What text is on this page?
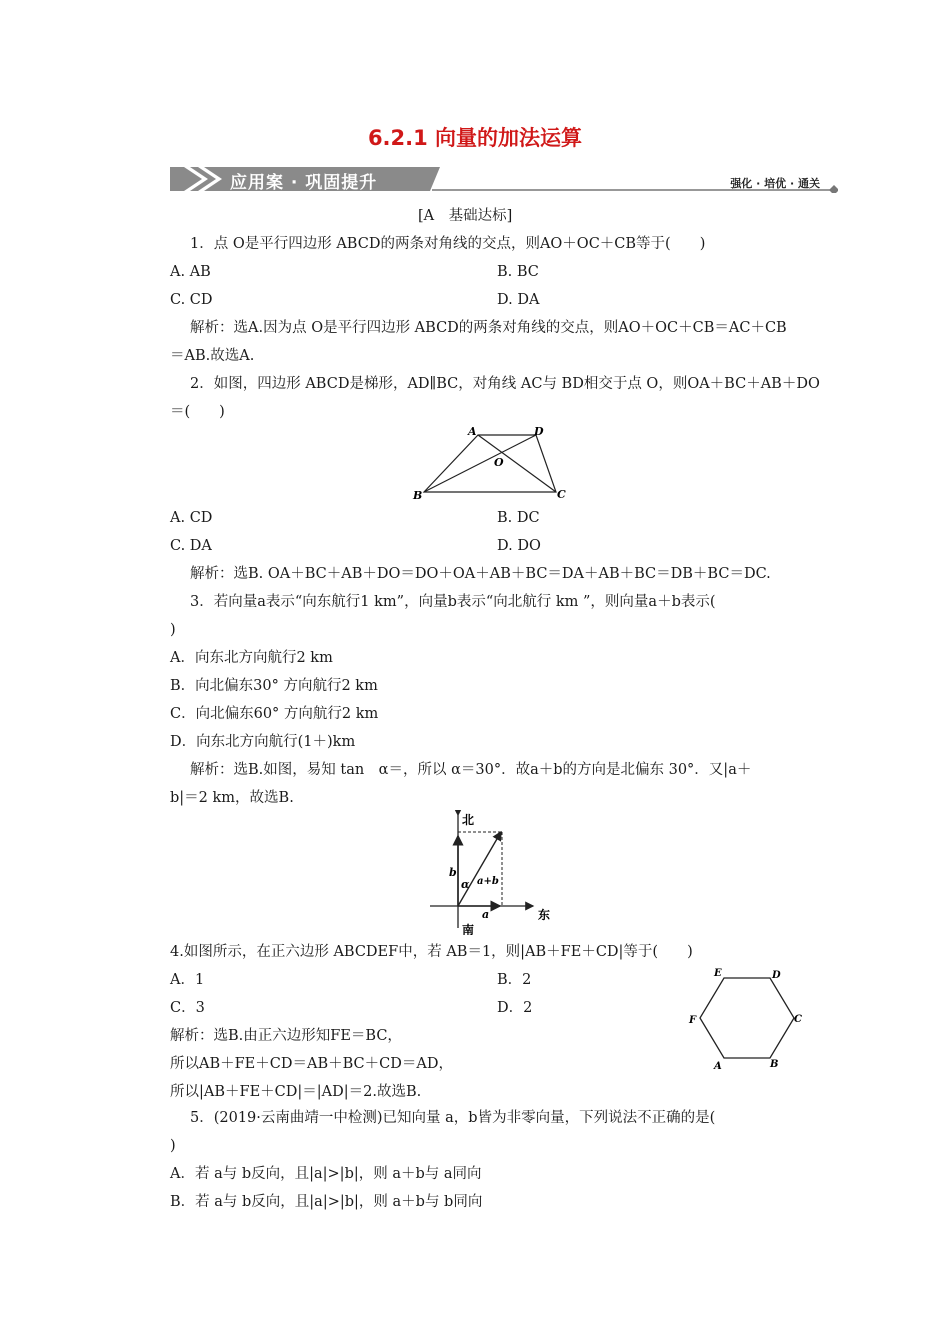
6.2.1 向量的加法运算
应用案 · 巩固提升	强化 · 培优 · 通关
[A　基础达标]
1．点 O是平行四边形 ABCD的两条对角线的交点，则AO＋OC＋CB等于(　　)
A. AB	B. BC
C. CD	D. DA
解析：选A.因为点 O是平行四边形 ABCD的两条对角线的交点，则AO＋OC＋CB＝AC＋CB
＝AB.故选A.
2．如图，四边形 ABCD是梯形，AD∥BC，对角线 AC与 BD相交于点 O，则OA＋BC＋AB＋DO
＝(　　)
A	D
O
B	C
A. CD	B. DC
C. DA	D. DO
解析：选B. OA＋BC＋AB＋DO＝DO＋OA＋AB＋BC＝DA＋AB＋BC＝DB＋BC＝DC.
3．若向量a表示“向东航行1 km”，向量b表示“向北航行 km ”，则向量a＋b表示(
)
A．向东北方向航行2 km
B．向北偏东30° 方向航行2 km
C．向北偏东60° 方向航行2 km
D．向东北方向航行(1＋)km
解析：选B.如图，易知 tan　α＝，所以 α＝30°．故a＋b的方向是北偏东 30°．又|a＋
b|＝2 km，故选B.
北
南
东
b
α a+b
a
4.如图所示，在正六边形 ABCDEF中，若 AB＝1，则|AB＋FE＋CD|等于(　　)
A．1	B．2
C．3	D．2
解析：选B.由正六边形知FE＝BC，
所以AB＋FE＋CD＝AB＋BC＋CD＝AD，
所以|AB＋FE＋CD|＝|AD|＝2.故选B.
E	D
F	C
A	B
5．(2019·云南曲靖一中检测)已知向量 a，b皆为非零向量，下列说法不正确的是(
)
A．若 a与 b反向，且|a|>|b|，则 a＋b与 a同向
B．若 a与 b反向，且|a|>|b|，则 a＋b与 b同向
